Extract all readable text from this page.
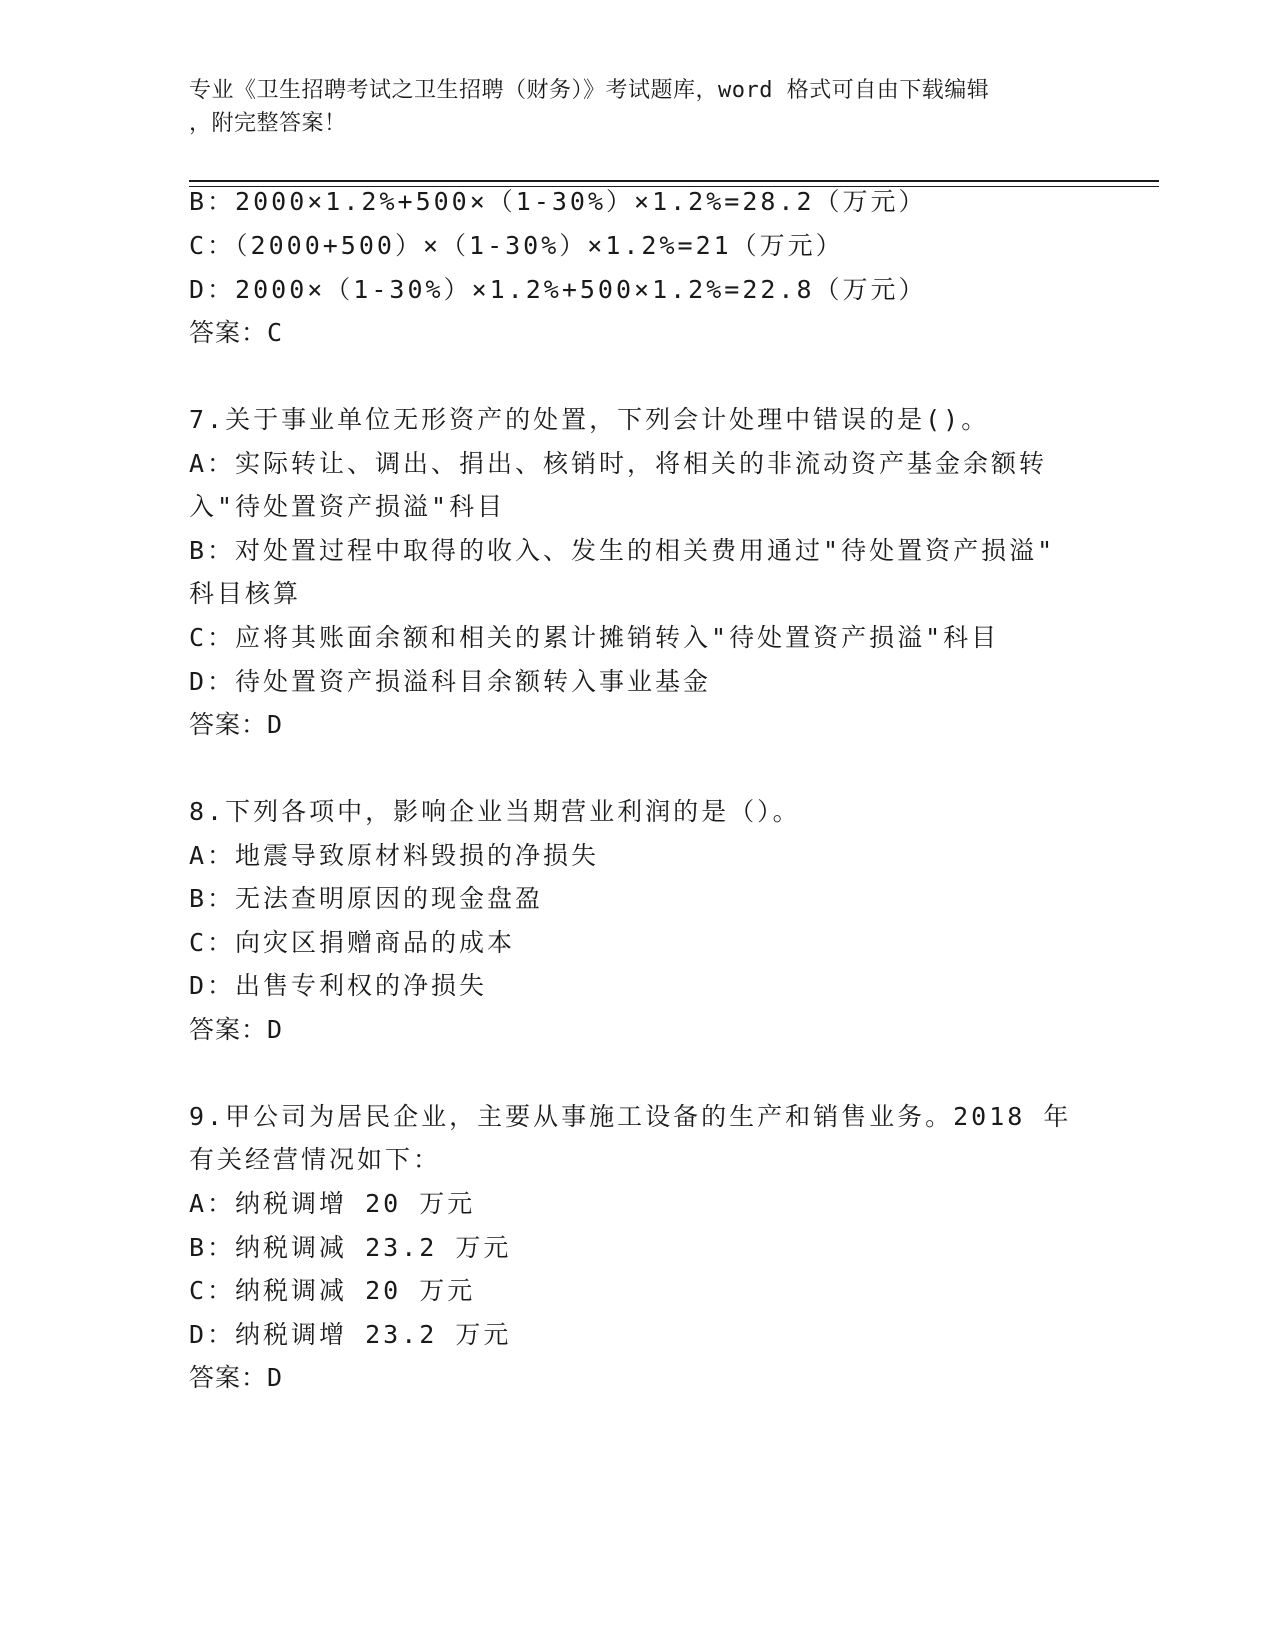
专业《卫生招聘考试之卫生招聘（财务）》考试题库，word 格式可自由下载编辑
，附完整答案！
B：2000×1.2%+500×（1-30%）×1.2%=28.2（万元）
C：（2000+500）×（1-30%）×1.2%=21（万元）
D：2000×（1-30%）×1.2%+500×1.2%=22.8（万元）
答案：C
7.关于事业单位无形资产的处置，下列会计处理中错误的是()。
A：实际转让、调出、捐出、核销时，将相关的非流动资产基金余额转
入"待处置资产损溢"科目
B：对处置过程中取得的收入、发生的相关费用通过"待处置资产损溢"
科目核算
C：应将其账面余额和相关的累计摊销转入"待处置资产损溢"科目
D：待处置资产损溢科目余额转入事业基金
答案：D
8.下列各项中，影响企业当期营业利润的是（）。
A：地震导致原材料毁损的净损失
B：无法查明原因的现金盘盈
C：向灾区捐赠商品的成本
D：出售专利权的净损失
答案：D
9.甲公司为居民企业，主要从事施工设备的生产和销售业务。2018 年
有关经营情况如下：
A：纳税调增 20 万元
B：纳税调减 23.2 万元
C：纳税调减 20 万元
D：纳税调增 23.2 万元
答案：D
